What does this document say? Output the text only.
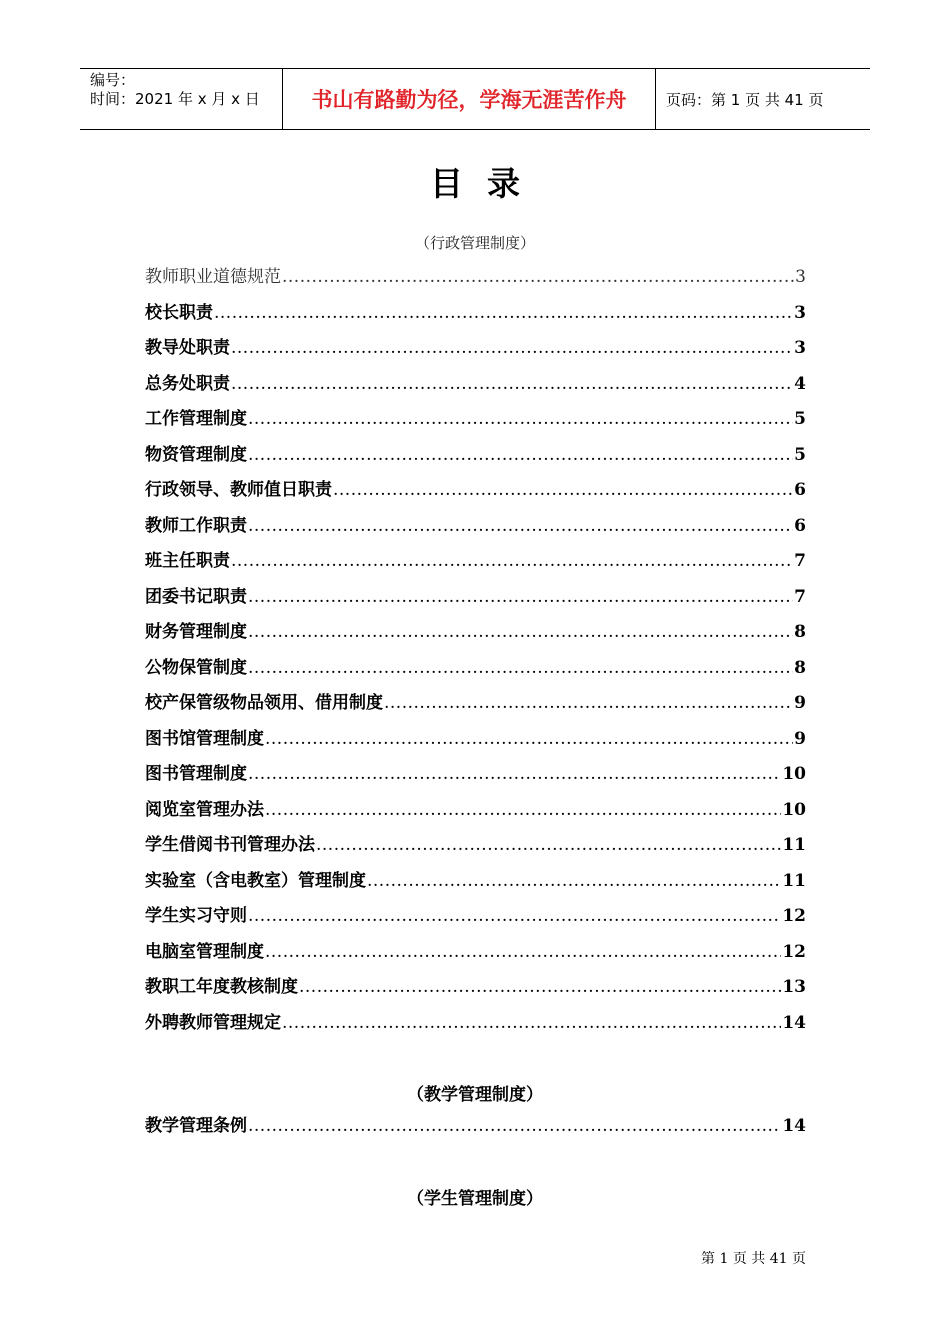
编号：
时间：2021 年 x 月 x 日	书山有路勤为径，学海无涯苦作舟	页码：第 1 页 共 41 页
目录
（行政管理制度）
教师职业道德规范 .....	3
校长职责 .....	3
教导处职责 .....	3
总务处职责 .....	4
工作管理制度 .....	5
物资管理制度 .....	5
行政领导、教师值日职责 .....	6
教师工作职责 .....	6
班主任职责 .....	7
团委书记职责 .....	7
财务管理制度 .....	8
公物保管制度 .....	8
校产保管级物品领用、借用制度 .....	9
图书馆管理制度 .....	9
图书管理制度 .....	10
阅览室管理办法 .....	10
学生借阅书刊管理办法 .....	11
实验室（含电教室）管理制度 .....	11
学生实习守则 .....	12
电脑室管理制度 .....	12
教职工年度教核制度 .....	13
外聘教师管理规定 .....	14
（教学管理制度）
教学管理条例 .....	14
（学生管理制度）
第 1 页 共 41 页
